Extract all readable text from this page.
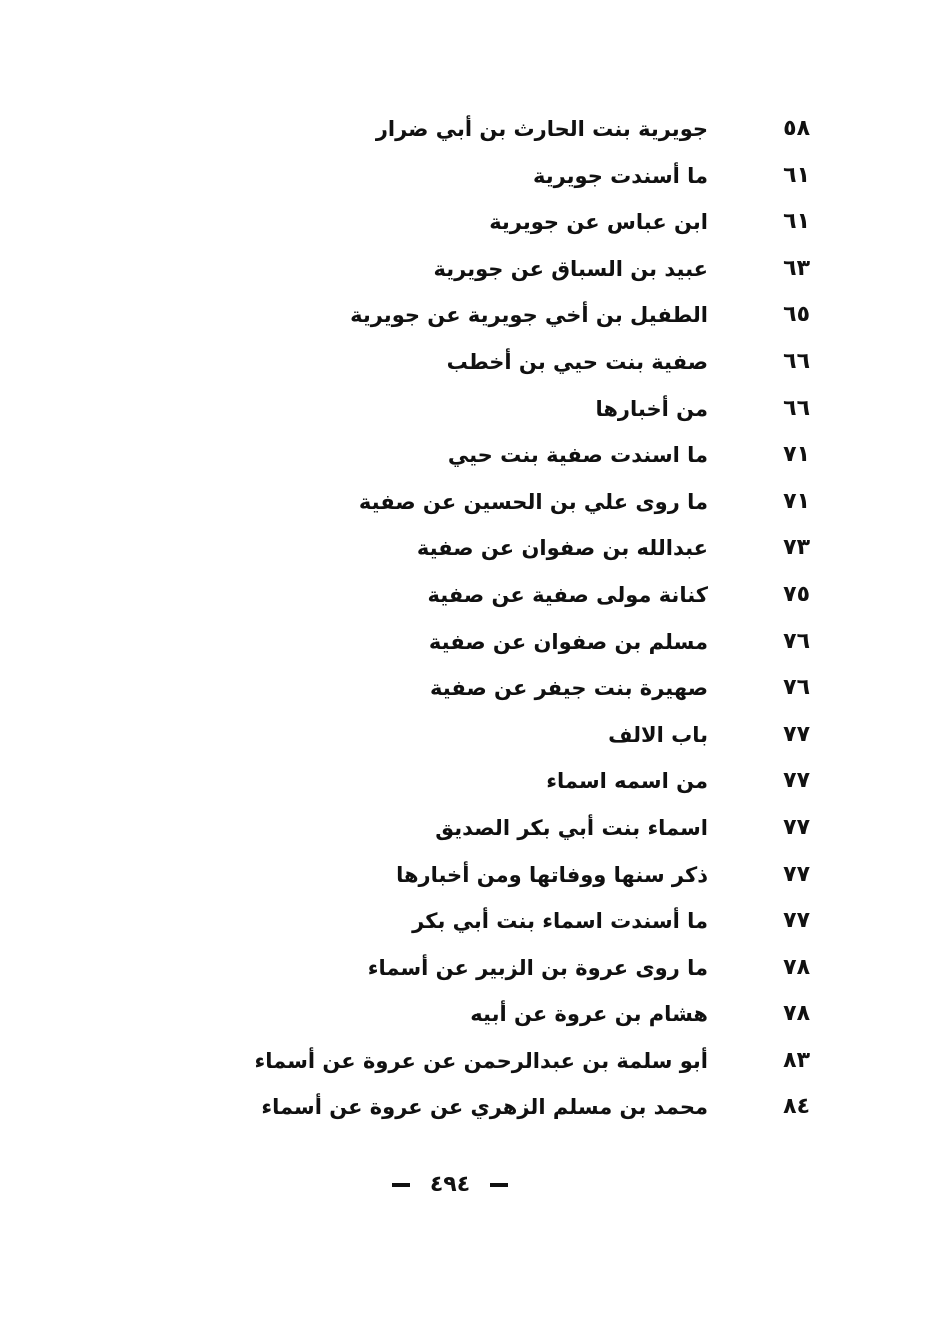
٥٨
جويرية بنت الحارث بن أبي ضرار
٦١
ما أسندت جويرية
٦١
ابن عباس عن جويرية
٦٣
عبيد بن السباق عن جويرية
٦٥
الطفيل بن أخي جويرية عن جويرية
٦٦
صفية بنت حيي بن أخطب
٦٦
من أخبارها
٧١
ما اسندت صفية بنت حيي
٧١
ما روى علي بن الحسين عن صفية
٧٣
عبدالله بن صفوان عن صفية
٧٥
كنانة مولى صفية عن صفية
٧٦
مسلم بن صفوان عن صفية
٧٦
صهيرة بنت جيفر عن صفية
٧٧
باب الالف
٧٧
من اسمه اسماء
٧٧
اسماء بنت أبي بكر الصديق
٧٧
ذكر سنها ووفاتها ومن أخبارها
٧٧
ما أسندت اسماء بنت أبي بكر
٧٨
ما روى عروة بن الزبير عن أسماء
٧٨
هشام بن عروة عن أبيه
٨٣
أبو سلمة بن عبدالرحمن عن عروة عن أسماء
٨٤
محمد بن مسلم الزهري عن عروة عن أسماء
٤٩٤
